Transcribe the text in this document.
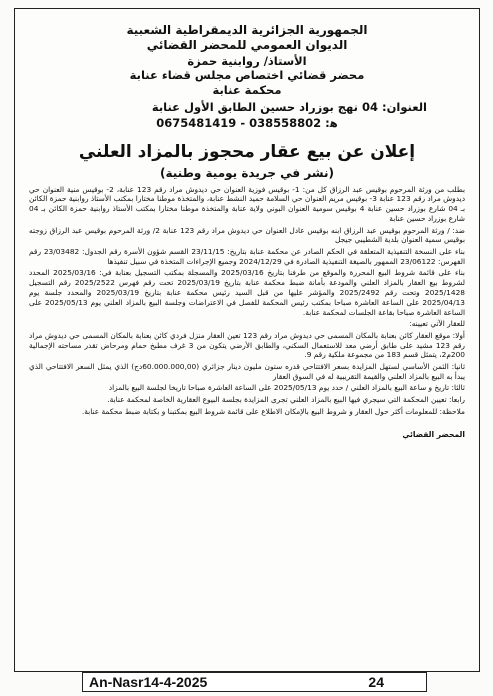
الجمهورية الجزائرية الديمقراطية الشعبية
الديوان العمومي للمحضر القضائي
الأستاذ/ روابنية حمزة
محضر قضائي اختصاص مجلس قضاء عنابة
محكمة عنابة
العنوان: 04 نهج بوزراد حسين الطابق الأول عنابة
0675481419 - 038558802 :ﻫ
إعلان عن بيع عقار محجوز بالمزاد العلني
(نشر في جريدة يومية وطنية)

بطلب من ورثة المرحوم بوقيس عبد الرزاق كل من: 1- بوقيس فوزية العنوان حي ديدوش مراد رقم 123 عنابة، 2- بوقيس منية العنوان حي ديدوش مراد رقم 123 عنابة 3- بوقيس مريم العنوان حي السلامة حميد النشط عنابة، والمتخذة موطنا مختارا بمكتب الأستاذ روابنية حمزة الكائن بـ 04 شارع بوزراد حسين عنابة 4 بوقيس سومية العنوان البوني ولاية عنابة والمتخذة موطنا مختارا بمكتب الأستاذ روابنية حمزة الكائن بـ 04 شارع بوزراد حسين عنابة

ضد: / ورثة المرحوم بوقيس عبد الرزاق ابنه بوقيس عادل العنوان حي ديدوش مراد رقم 123 عنابة 2/ ورثة المرحوم بوقيس عبد الرزاق زوجته بوقيس سمية العنوان بلدية الشطيبي جيجل

بناء على النسخة التنفيذية المتعلقة في الحكم الصادر عن محكمة عنابة بتاريخ: 23/11/15 القسم شؤون الأسرة رقم الجدول: 23/03482 رقم الفهرس: 23/06122 الممهور بالصيغة التنفيذية الصادرة في 2024/12/29 وجميع الإجراءات المتخذة في سبيل تنفيذها

بناء على قائمة شروط البيع المحررة والموقع من طرفنا بتاريخ 2025/03/16 والمسجلة بمكتب التسجيل بعنابة في: 2025/03/16 المحدد لشروط بيع العقار بالمزاد العلني والمودعة بأمانة ضبط محكمة عنابة بتاريخ 2025/03/19 تحت رقم فهرس 2025/2522 رقم التسجيل 2025/1428 وتحت رقم 2025/2492 والمؤشر عليها من قبل السيد رئيس محكمة عنابة بتاريخ 2025/03/19 والمحدد جلسة يوم 2025/04/13 على الساعة العاشرة صباحا بمكتب رئيس المحكمة للفصل في الاعتراضات وجلسة البيع بالمزاد العلني يوم 2025/05/13 على الساعة العاشرة صباحا بقاعة الجلسات لمحكمة عنابة.

للعقار الآتي تعيينه:

أولا: موقع العقار كائن بعنابة بالمكان المسمى حي ديدوش مراد رقم 123 تعين العقار منزل فردي كائن بعنابة بالمكان المسمى حي ديدوش مراد رقم 123 مشيد على طابق أرضي معد للاستعمال السكني، والطابق الأرضي يتكون من 3 غرف مطبخ حمام ومرحاض تقدر مساحته الإجمالية 200م2، يتمثل قسم 183 من مجموعة ملكية رقم 9.

ثانيا: الثمن الأساسي لستهل المزايدة بسعر الافتتاحي قدره ستون مليون دينار جزائري (60.000.000,00دج) الذي يمثل السعر الافتتاحي الذي يبدأ به البيع بالمزاد العلني والقيمة التقريبية له في السوق العقار

ثالثا: تاريخ و ساعة البيع بالمزاد العلني / حدد يوم 2025/05/13 على الساعة العاشرة صباحا تاريخا لجلسة البيع بالمزاد

رابعا: تعيين المحكمة التي سيجري فيها البيع بالمزاد العلني تجرى المزايدة بجلسة البيوع العقارية الخاصة لمحكمة عنابة.

ملاحظة: للمعلومات أكثر حول العقار و شروط البيع بالإمكان الاطلاع على قائمة شروط البيع بمكتبنا و بكتابة ضبط محكمة عنابة.

المحضر القضائي
An-Nasr14-4-2025	24
